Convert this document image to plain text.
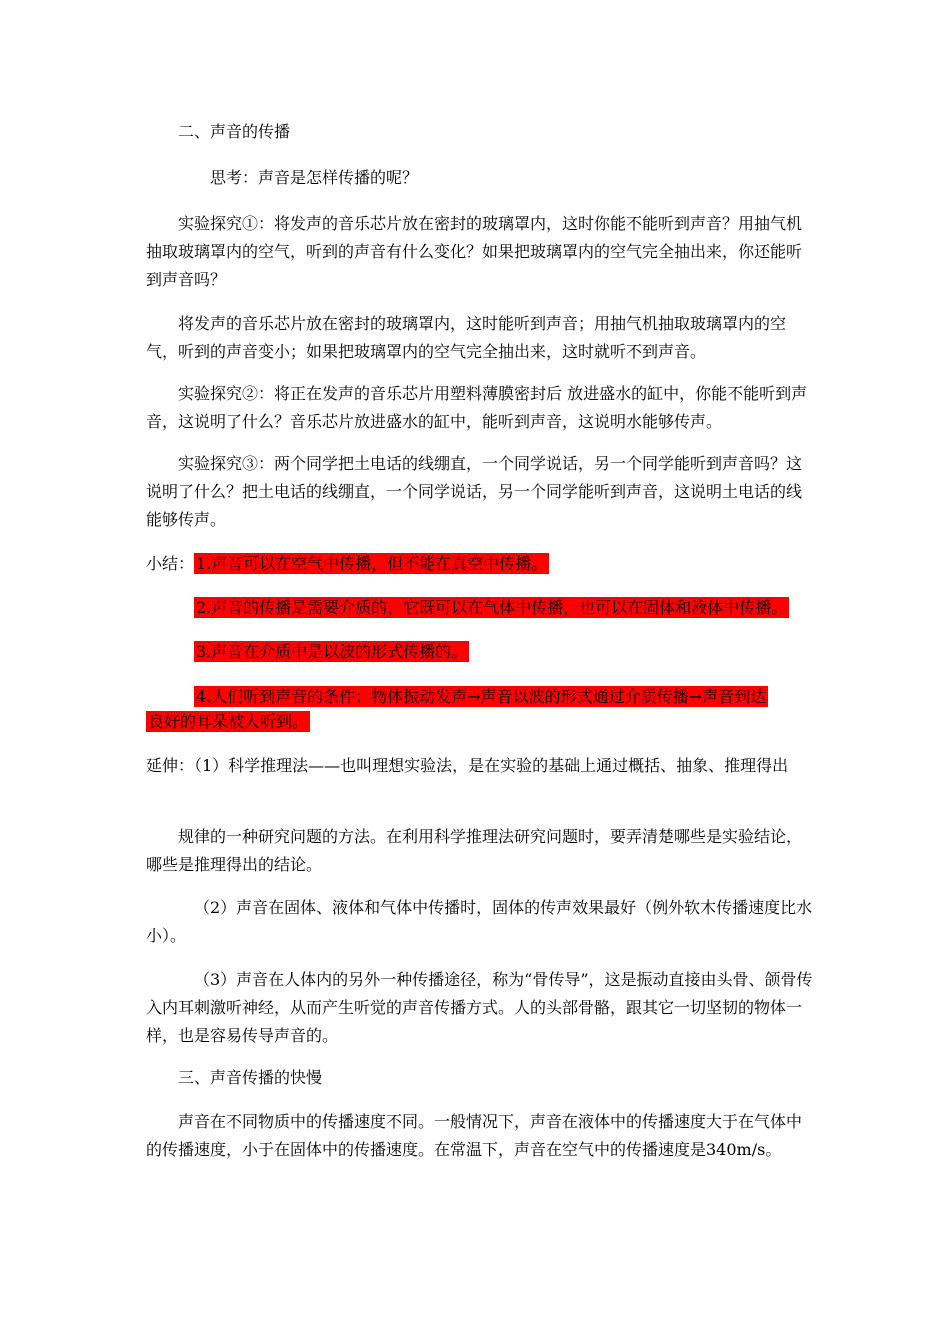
二、声音的传播

思考：声音是怎样传播的呢？

实验探究①：将发声的音乐芯片放在密封的玻璃罩内，这时你能不能听到声音？用抽气机抽取玻璃罩内的空气，听到的声音有什么变化？如果把玻璃罩内的空气完全抽出来，你还能听到声音吗？

将发声的音乐芯片放在密封的玻璃罩内，这时能听到声音；用抽气机抽取玻璃罩内的空气，听到的声音变小；如果把玻璃罩内的空气完全抽出来，这时就听不到声音。

实验探究②：将正在发声的音乐芯片用塑料薄膜密封后 放进盛水的缸中，你能不能听到声音，这说明了什么？音乐芯片放进盛水的缸中，能听到声音，这说明水能够传声。

实验探究③：两个同学把土电话的线绷直，一个同学说话，另一个同学能听到声音吗？这说明了什么？把土电话的线绷直，一个同学说话，另一个同学能听到声音，这说明土电话的线能够传声。

小结： 1.声音可以在空气中传播，但不能在真空中传播。
2.声音的传播是需要介质的，它既可以在气体中传播，也可以在固体和液体中传播。
3.声音在介质中是以波的形式传播的。
4.人们听到声音的条件：物体振动发声→声音以波的形式通过介质传播→声音到达
良好的耳朵被人听到。

延伸：（1）科学推理法——也叫理想实验法，是在实验的基础上通过概括、抽象、推理得出

规律的一种研究问题的方法。在利用科学推理法研究问题时，要弄清楚哪些是实验结论，哪些是推理得出的结论。

（2）声音在固体、液体和气体中传播时，固体的传声效果最好（例外软木传播速度比水小）。

（3）声音在人体内的另外一种传播途径，称为“骨传导”，这是振动直接由头骨、颌骨传入内耳刺激听神经，从而产生听觉的声音传播方式。人的头部骨骼，跟其它一切坚韧的物体一样，也是容易传导声音的。

三、声音传播的快慢

声音在不同物质中的传播速度不同。一般情况下，声音在液体中的传播速度大于在气体中的传播速度，小于在固体中的传播速度。在常温下，声音在空气中的传播速度是340m/s。
